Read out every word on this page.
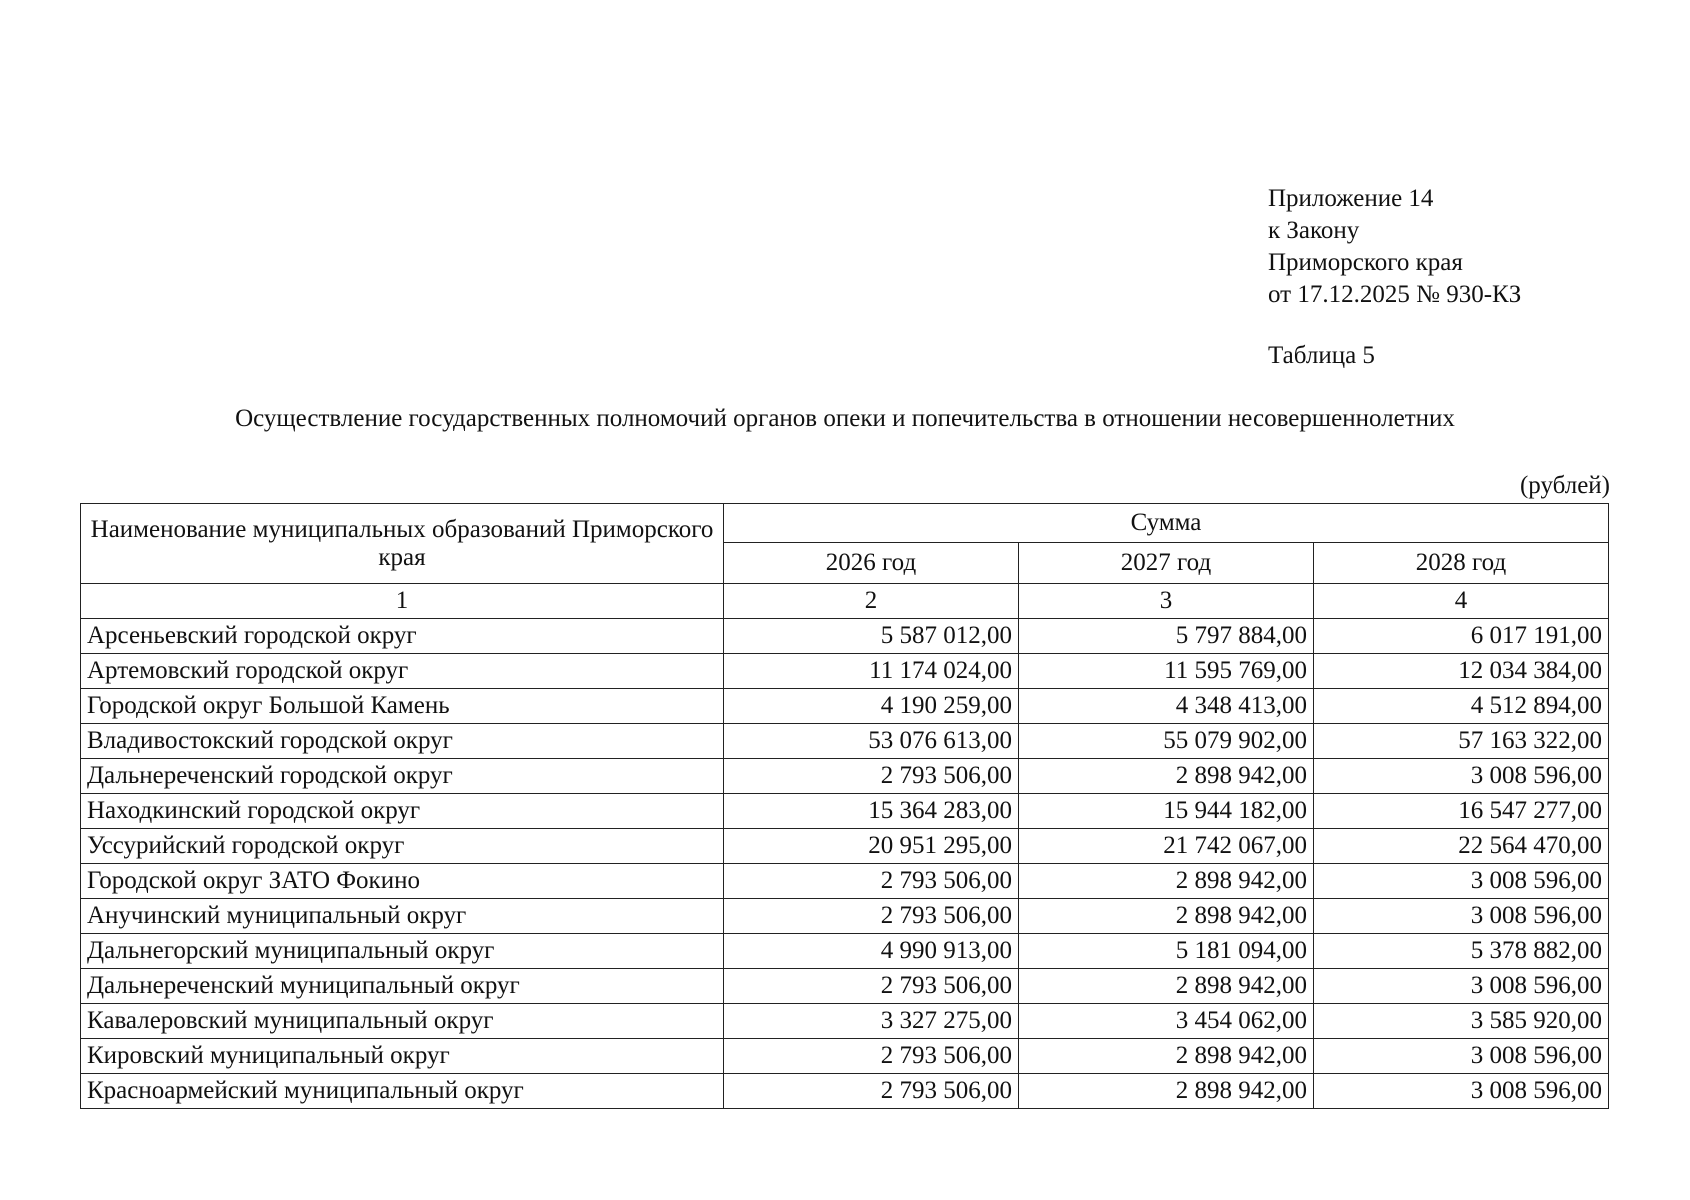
Приложение 14
к Закону
Приморского края
от 17.12.2025 № 930-КЗ
Таблица 5
Осуществление государственных полномочий органов опеки и попечительства в отношении несовершеннолетних
(рублей)
Наименование муниципальных образований Приморского края	Сумма		
	2026 год	2027 год	2028 год
1	2	3	4
Арсеньевский городской округ	5 587 012,00	5 797 884,00	6 017 191,00
Артемовский городской округ	11 174 024,00	11 595 769,00	12 034 384,00
Городской округ Большой Камень	4 190 259,00	4 348 413,00	4 512 894,00
Владивостокский городской округ	53 076 613,00	55 079 902,00	57 163 322,00
Дальнереченский городской округ	2 793 506,00	2 898 942,00	3 008 596,00
Находкинский городской округ	15 364 283,00	15 944 182,00	16 547 277,00
Уссурийский городской округ	20 951 295,00	21 742 067,00	22 564 470,00
Городской округ ЗАТО Фокино	2 793 506,00	2 898 942,00	3 008 596,00
Анучинский муниципальный округ	2 793 506,00	2 898 942,00	3 008 596,00
Дальнегорский муниципальный округ	4 990 913,00	5 181 094,00	5 378 882,00
Дальнереченский муниципальный округ	2 793 506,00	2 898 942,00	3 008 596,00
Кавалеровский муниципальный округ	3 327 275,00	3 454 062,00	3 585 920,00
Кировский муниципальный округ	2 793 506,00	2 898 942,00	3 008 596,00
Красноармейский муниципальный округ	2 793 506,00	2 898 942,00	3 008 596,00
